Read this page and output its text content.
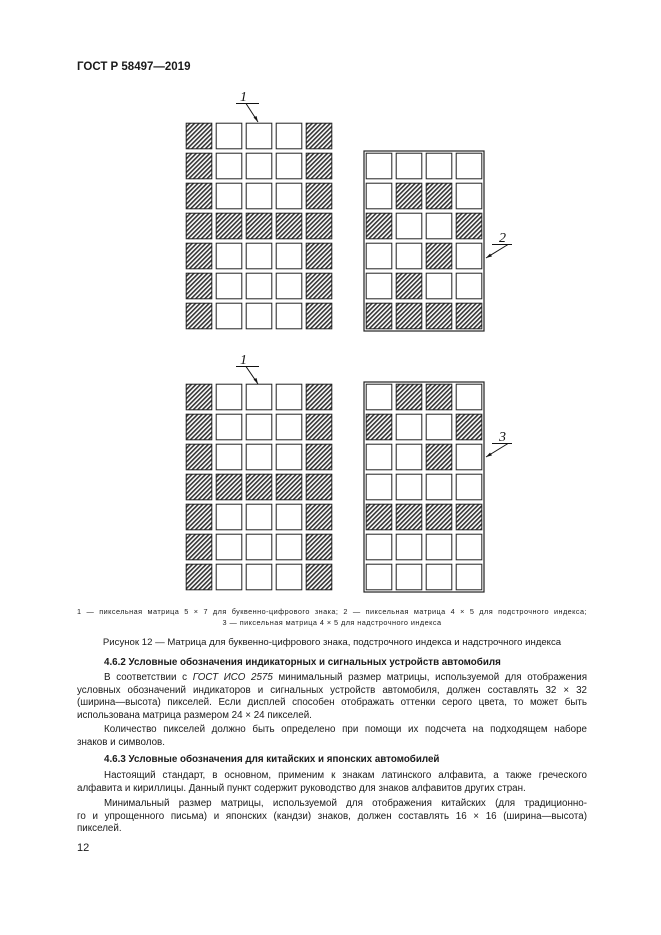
ГОСТ Р 58497—2019
1
2
1
3
1 — пиксельная матрица 5 × 7 для буквенно-цифрового знака; 2 — пиксельная матрица 4 × 5 для подстрочного индекса;
3 — пиксельная матрица 4 × 5 для надстрочного индекса
Рисунок 12 — Матрица для буквенно-цифрового знака, подстрочного индекса и надстрочного индекса
4.6.2 Условные обозначения индикаторных и сигнальных устройств автомобиля
В соответствии с ГОСТ ИСО 2575 минимальный размер матрицы, используемой для отображения
условных обозначений индикаторов и сигнальных устройств автомобиля, должен составлять 32 × 32
(ширина—высота) пикселей. Если дисплей способен отображать оттенки серого цвета, то может быть
использована матрица размером 24 × 24 пикселей.
Количество пикселей должно быть определено при помощи их подсчета на подходящем наборе
знаков и символов.
4.6.3 Условные обозначения для китайских и японских автомобилей
Настоящий стандарт, в основном, применим к знакам латинского алфавита, а также греческого
алфавита и кириллицы. Данный пункт содержит руководство для знаков алфавитов других стран.
Минимальный размер матрицы, используемой для отображения китайских (для традиционно-
го и упрощенного письма) и японских (кандзи) знаков, должен составлять 16 × 16 (ширина—высота)
пикселей.
12
